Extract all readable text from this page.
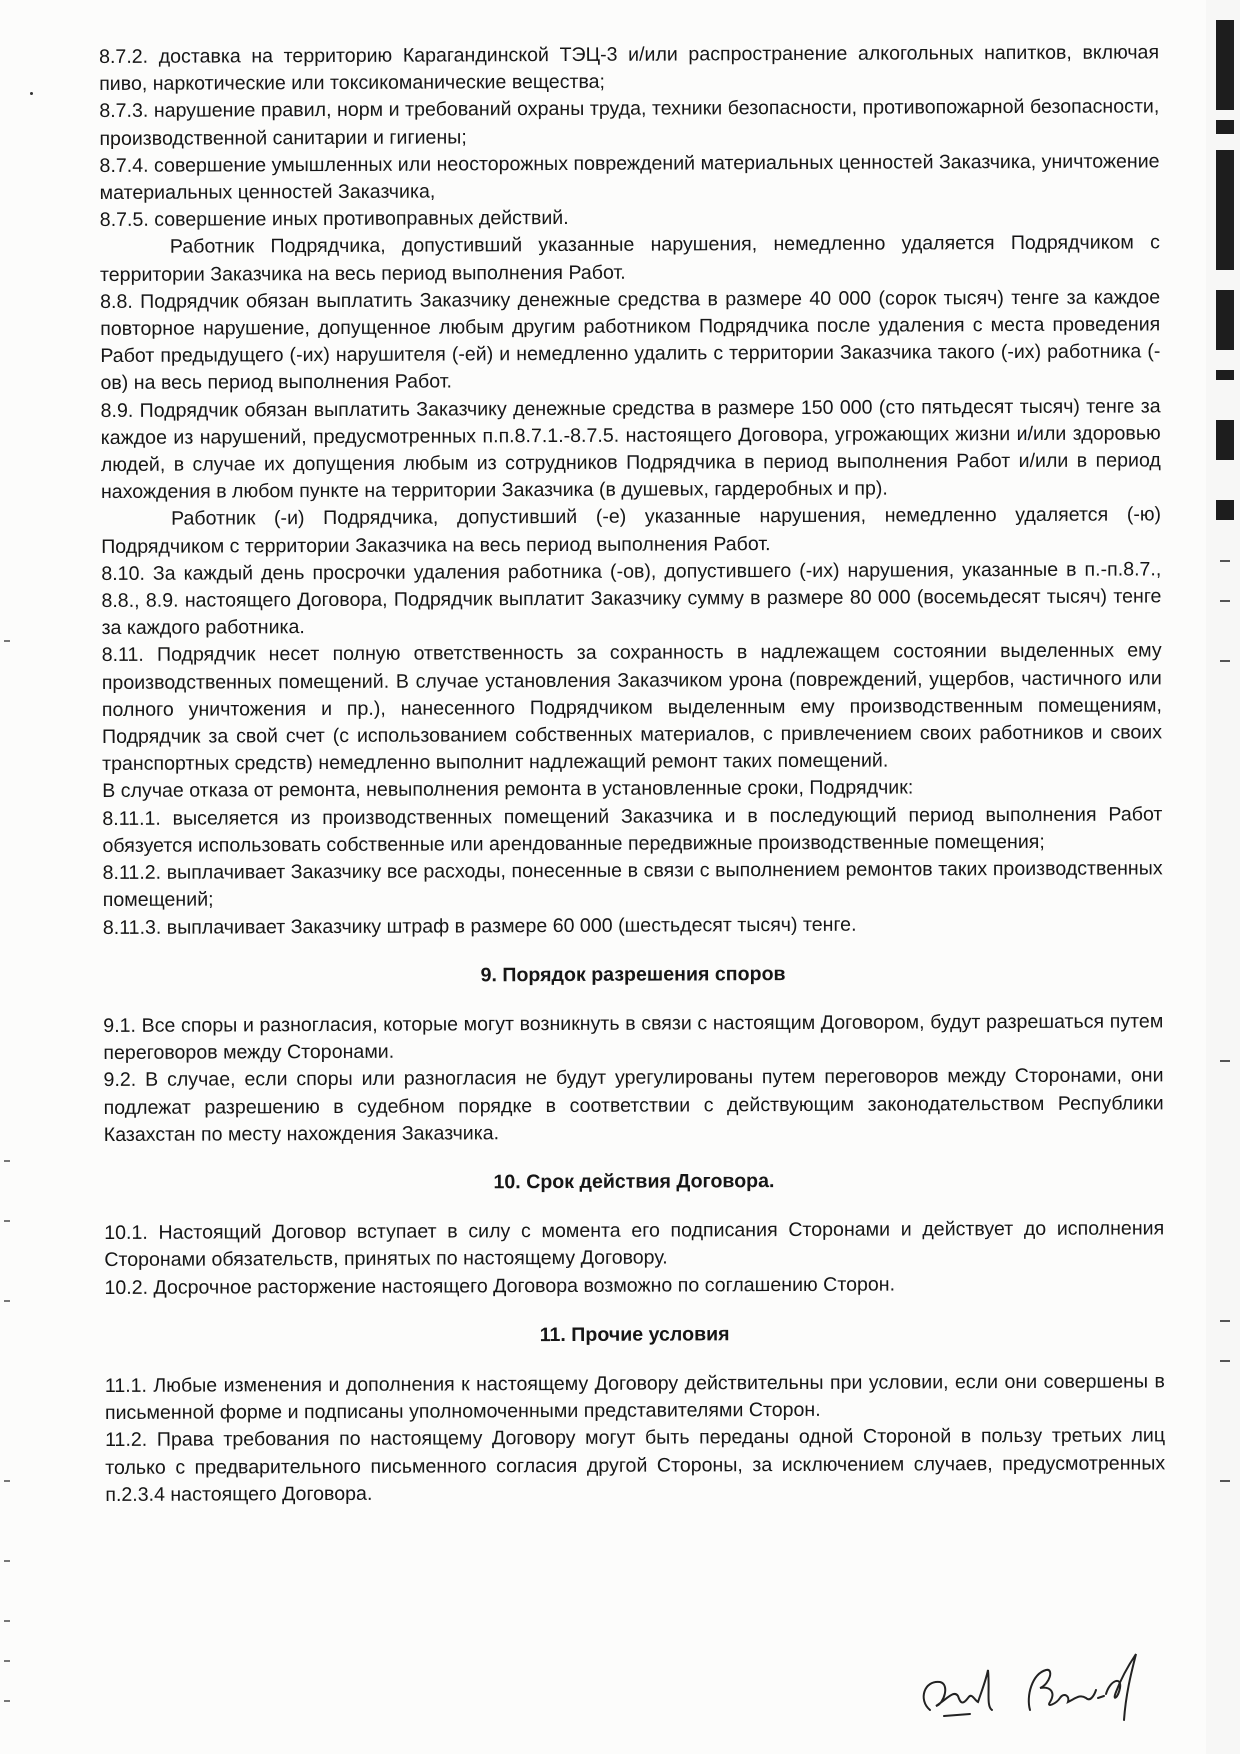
8.7.2. доставка на территорию Карагандинской ТЭЦ-3 и/или распространение алкогольных напитков, включая пиво, наркотические или токсикоманические вещества;

8.7.3. нарушение правил, норм и требований охраны труда, техники безопасности, противопожарной безопасности, производственной санитарии и гигиены;

8.7.4. совершение умышленных или неосторожных повреждений материальных ценностей Заказчика, уничтожение материальных ценностей Заказчика,

8.7.5. совершение иных противоправных действий.

Работник Подрядчика, допустивший указанные нарушения, немедленно удаляется Подрядчиком с территории Заказчика на весь период выполнения Работ.

8.8. Подрядчик обязан выплатить Заказчику денежные средства в размере 40 000 (сорок тысяч) тенге за каждое повторное нарушение, допущенное любым другим работником Подрядчика после удаления с места проведения Работ предыдущего (-их) нарушителя (-ей) и немедленно удалить с территории Заказчика такого (-их) работника (-ов) на весь период выполнения Работ.

8.9. Подрядчик обязан выплатить Заказчику денежные средства в размере 150 000 (сто пятьдесят тысяч) тенге за каждое из нарушений, предусмотренных п.п.8.7.1.-8.7.5. настоящего Договора, угрожающих жизни и/или здоровью людей, в случае их допущения любым из сотрудников Подрядчика в период выполнения Работ и/или в период нахождения в любом пункте на территории Заказчика (в душевых, гардеробных и пр).

Работник (-и) Подрядчика, допустивший (-е) указанные нарушения, немедленно удаляется (-ю) Подрядчиком с территории Заказчика на весь период выполнения Работ.

8.10. За каждый день просрочки удаления работника (-ов), допустившего (-их) нарушения, указанные в п.-п.8.7., 8.8., 8.9. настоящего Договора, Подрядчик выплатит Заказчику сумму в размере 80 000 (восемьдесят тысяч) тенге за каждого работника.

8.11. Подрядчик несет полную ответственность за сохранность в надлежащем состоянии выделенных ему производственных помещений. В случае установления Заказчиком урона (повреждений, ущербов, частичного или полного уничтожения и пр.), нанесенного Подрядчиком выделенным ему производственным помещениям, Подрядчик за свой счет (с использованием собственных материалов, с привлечением своих работников и своих транспортных средств) немедленно выполнит надлежащий ремонт таких помещений.

В случае отказа от ремонта, невыполнения ремонта в установленные сроки, Подрядчик:

8.11.1. выселяется из производственных помещений Заказчика и в последующий период выполнения Работ обязуется использовать собственные или арендованные передвижные производственные помещения;

8.11.2. выплачивает Заказчику все расходы, понесенные в связи с выполнением ремонтов таких производственных помещений;

8.11.3. выплачивает Заказчику штраф в размере 60 000 (шестьдесят тысяч) тенге.

9. Порядок разрешения споров

9.1. Все споры и разногласия, которые могут возникнуть в связи с настоящим Договором, будут разрешаться путем переговоров между Сторонами.

9.2. В случае, если споры или разногласия не будут урегулированы путем переговоров между Сторонами, они подлежат разрешению в судебном порядке в соответствии с действующим законодательством Республики Казахстан по месту нахождения Заказчика.

10. Срок действия Договора.

10.1. Настоящий Договор вступает в силу с момента его подписания Сторонами и действует до исполнения Сторонами обязательств, принятых по настоящему Договору.

10.2. Досрочное расторжение настоящего Договора возможно по соглашению Сторон.

11. Прочие условия

11.1. Любые изменения и дополнения к настоящему Договору действительны при условии, если они совершены в письменной форме и подписаны уполномоченными представителями Сторон.

11.2. Права требования по настоящему Договору могут быть переданы одной Стороной в пользу третьих лиц только с предварительного письменного согласия другой Стороны, за исключением случаев, предусмотренных п.2.3.4 настоящего Договора.
